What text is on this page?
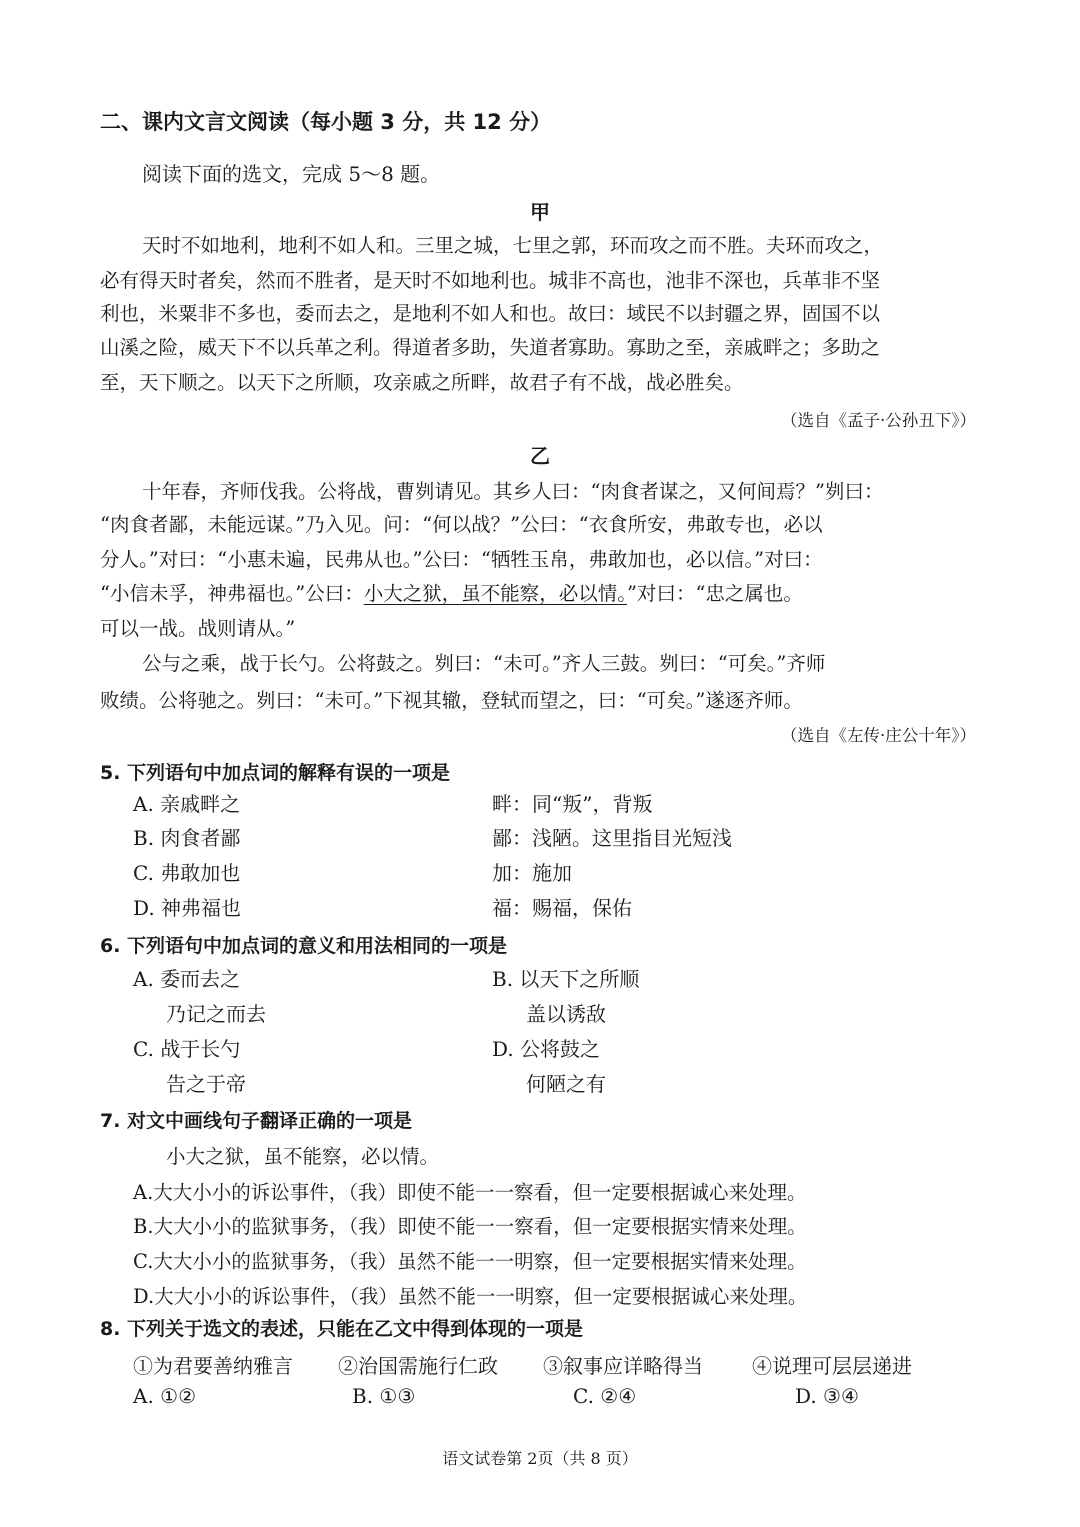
二、课内文言文阅读（每小题 3 分，共 12 分）
阅读下面的选文，完成 5～8 题。
甲
天时不如地利，地利不如人和。三里之城，七里之郭，环而攻之而不胜。夫环而攻之，
必有得天时者矣，然而不胜者，是天时不如地利也。城非不高也，池非不深也，兵革非不坚
利也，米粟非不多也，委而去之，是地利不如人和也。故曰：域民不以封疆之界，固国不以
山溪之险，威天下不以兵革之利。得道者多助，失道者寡助。寡助之至，亲戚畔之；多助之
至，天下顺之。以天下之所顺，攻亲戚之所畔，故君子有不战，战必胜矣。
（选自《孟子·公孙丑下》）
乙
十年春，齐师伐我。公将战，曹刿请见。其乡人曰：“肉食者谋之，又何间焉？”刿曰：
“肉食者鄙，未能远谋。”乃入见。问：“何以战？”公曰：“衣食所安，弗敢专也，必以
分人。”对曰：“小惠未遍，民弗从也。”公曰：“牺牲玉帛，弗敢加也，必以信。”对曰：
“小信未孚，神弗福也。”公曰：小大之狱，虽不能察，必以情。”对曰：“忠之属也。
可以一战。战则请从。”
公与之乘，战于长勺。公将鼓之。刿曰：“未可。”齐人三鼓。刿曰：“可矣。”齐师
败绩。公将驰之。刿曰：“未可。”下视其辙，登轼而望之，曰：“可矣。”遂逐齐师。
（选自《左传·庄公十年》）
5. 下列语句中加点词的解释有误的一项是
A. 亲戚畔之	畔：同“叛”，背叛
B. 肉食者鄙	鄙：浅陋。这里指目光短浅
C. 弗敢加也	加：施加
D. 神弗福也	福：赐福，保佑
6. 下列语句中加点词的意义和用法相同的一项是
A. 委而去之
乃记之而去
B. 以天下之所顺
盖以诱敌
C. 战于长勺
告之于帝
D. 公将鼓之
何陋之有
7. 对文中画线句子翻译正确的一项是
小大之狱，虽不能察，必以情。
A.大大小小的诉讼事件，（我）即使不能一一察看，但一定要根据诚心来处理。
B.大大小小的监狱事务，（我）即使不能一一察看，但一定要根据实情来处理。
C.大大小小的监狱事务，（我）虽然不能一一明察，但一定要根据实情来处理。
D.大大小小的诉讼事件，（我）虽然不能一一明察，但一定要根据诚心来处理。
8. 下列关于选文的表述，只能在乙文中得到体现的一项是
①为君要善纳雅言 ②治国需施行仁政 ③叙事应详略得当 ④说理可层层递进
A. ①②	B. ①③	C. ②④	D. ③④
语文试卷第 2页（共 8 页）
